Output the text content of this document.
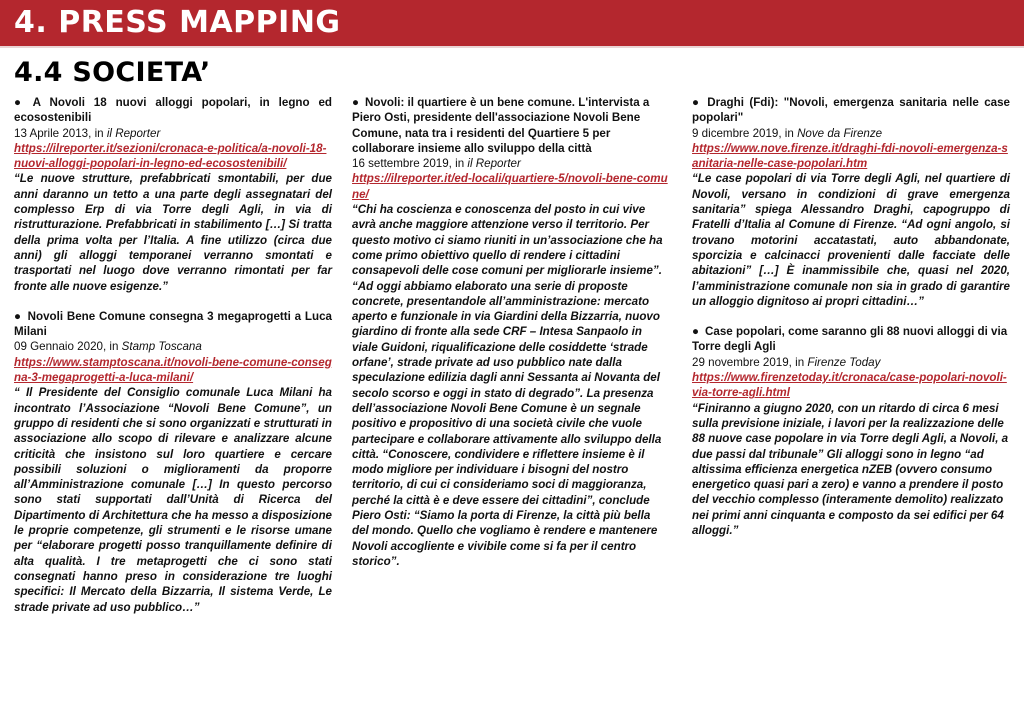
4. PRESS MAPPING
4.4 SOCIETA’
● A Novoli 18 nuovi alloggi popolari, in legno ed ecosostenibili
13 Aprile 2013, in il Reporter
https://ilreporter.it/sezioni/cronaca-e-politica/a-novoli-18-nuovi-alloggi-popolari-in-legno-ed-ecosostenibili/
“Le nuove strutture, prefabbricati smontabili, per due anni daranno un tetto a una parte degli assegnatari del complesso Erp di via Torre degli Agli, in via di ristrutturazione. Prefabbricati in stabilimento […] Si tratta della prima volta per l’Italia. A fine utilizzo (circa due anni) gli alloggi temporanei verranno smontati e trasportati nel luogo dove verranno rimontati per far fronte alle nuove esigenze.”
● Novoli Bene Comune consegna 3 megaprogetti a Luca Milani
09 Gennaio 2020, in Stamp Toscana
https://www.stamptoscana.it/novoli-bene-comune-consegna-3-megaprogetti-a-luca-milani/
“ Il Presidente del Consiglio comunale Luca Milani ha incontrato l’Associazione “Novoli Bene Comune”, un gruppo di residenti che si sono organizzati e strutturati in associazione allo scopo di rilevare e analizzare alcune criticità che insistono sul loro quartiere e cercare possibili soluzioni o miglioramenti da proporre all’Amministrazione comunale […] In questo percorso sono stati supportati dall’Unità di Ricerca del Dipartimento di Architettura che ha messo a disposizione le proprie competenze, gli strumenti e le risorse umane per “elaborare progetti posso tranquillamente definire di alta qualità. I tre metaprogetti che ci sono stati consegnati hanno preso in considerazione tre luoghi specifici: Il Mercato della Bizzarria, Il sistema Verde, Le strade private ad uso pubblico…”
● Novoli: il quartiere è un bene comune. L'intervista a Piero Osti, presidente dell'associazione Novoli Bene Comune, nata tra i residenti del Quartiere 5 per collaborare insieme allo sviluppo della città
16 settembre 2019, in il Reporter
https://ilreporter.it/ed-locali/quartiere-5/novoli-bene-comune/
“Chi ha coscienza e conoscenza del posto in cui vive avrà anche maggiore attenzione verso il territorio. Per questo motivo ci siamo riuniti in un’associazione che ha come primo obiettivo quello di rendere i cittadini consapevoli delle cose comuni per migliorarle insieme”. “Ad oggi abbiamo elaborato una serie di proposte concrete, presentandole all’amministrazione: mercato aperto e funzionale in via Giardini della Bizzarria, nuovo giardino di fronte alla sede CRF – Intesa Sanpaolo in viale Guidoni, riqualificazione delle cosiddette ‘strade orfane’, strade private ad uso pubblico nate dalla speculazione edilizia dagli anni Sessanta ai Novanta del secolo scorso e oggi in stato di degrado”. La presenza dell’associazione Novoli Bene Comune è un segnale positivo e propositivo di una società civile che vuole partecipare e collaborare attivamente allo sviluppo della città. “Conoscere, condividere e riflettere insieme è il modo migliore per individuare i bisogni del nostro territorio, di cui ci consideriamo soci di maggioranza, perché la città è e deve essere dei cittadini”, conclude Piero Osti: “Siamo la porta di Firenze, la città più bella del mondo. Quello che vogliamo è rendere e mantenere Novoli accogliente e vivibile come si fa per il centro storico”.
● Draghi (Fdi): "Novoli, emergenza sanitaria nelle case popolari"
9 dicembre 2019, in Nove da Firenze
https://www.nove.firenze.it/draghi-fdi-novoli-emergenza-sanitaria-nelle-case-popolari.htm
“Le case popolari di via Torre degli Agli, nel quartiere di Novoli, versano in condizioni di grave emergenza sanitaria” spiega Alessandro Draghi, capogruppo di Fratelli d’Italia al Comune di Firenze. “Ad ogni angolo, si trovano motorini accatastati, auto abbandonate, sporcizia e calcinacci provenienti dalle facciate delle abitazioni” […] È inammissibile che, quasi nel 2020, l’amministrazione comunale non sia in grado di garantire un alloggio dignitoso ai propri cittadini…”
● Case popolari, come saranno gli 88 nuovi alloggi di via Torre degli Agli
29 novembre 2019, in Firenze Today
https://www.firenzetoday.it/cronaca/case-popolari-novoli-via-torre-agli.html
“Finiranno a giugno 2020, con un ritardo di circa 6 mesi sulla previsione iniziale, i lavori per la realizzazione delle 88 nuove case popolare in via Torre degli Agli, a Novoli, a due passi dal tribunale” Gli alloggi sono in legno “ad altissima efficienza energetica nZEB (ovvero consumo energetico quasi pari a zero) e vanno a prendere il posto del vecchio complesso (interamente demolito) realizzato nei primi anni cinquanta e composto da sei edifici per 64 alloggi.”
